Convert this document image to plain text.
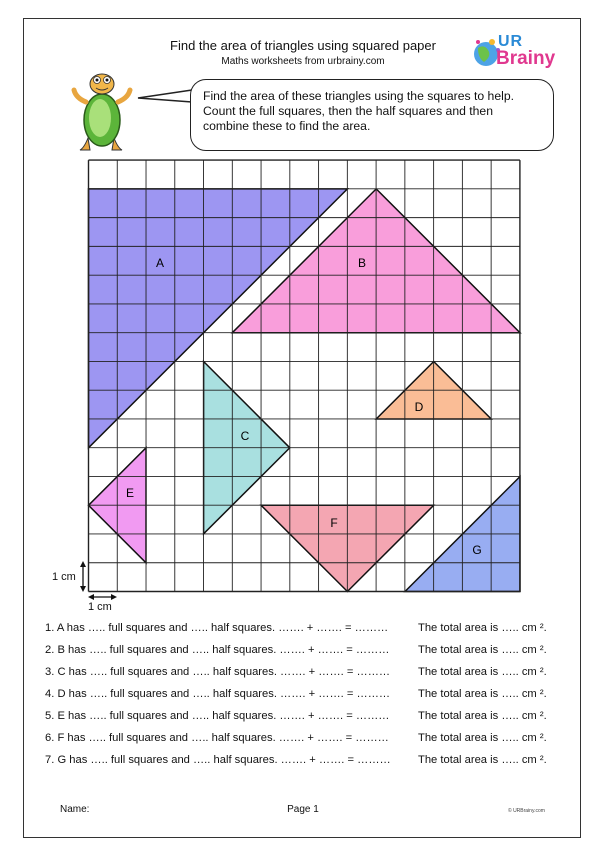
Find the area of triangles using squared paper
Maths worksheets from urbrainy.com
UR
Brainy
Find the area of these triangles using the squares to help.
Count the full squares, then the half squares and then
combine these to find the area.
A	B
C
D
E
F
G
1 cm
1 cm
1. A has ….. full squares and ….. half squares. ……. + ……. = ………	The total area is ….. cm ².
2. B has ….. full squares and ….. half squares. ……. + ……. = ………	The total area is ….. cm ².
3. C has ….. full squares and ….. half squares. ……. + ……. = ……… The total area is ….. cm ².
4. D has ….. full squares and ….. half squares. ……. + ……. = ……… The total area is ….. cm ².
5. E has ….. full squares and ….. half squares. ……. + ……. = ………	The total area is ….. cm ².
6. F has ….. full squares and ….. half squares. ……. + ……. = ………	The total area is ….. cm ².
7. G has ….. full squares and ….. half squares. ……. + ……. = ……… The total area is ….. cm ².
Name:	Page 1	© URBrainy.com
